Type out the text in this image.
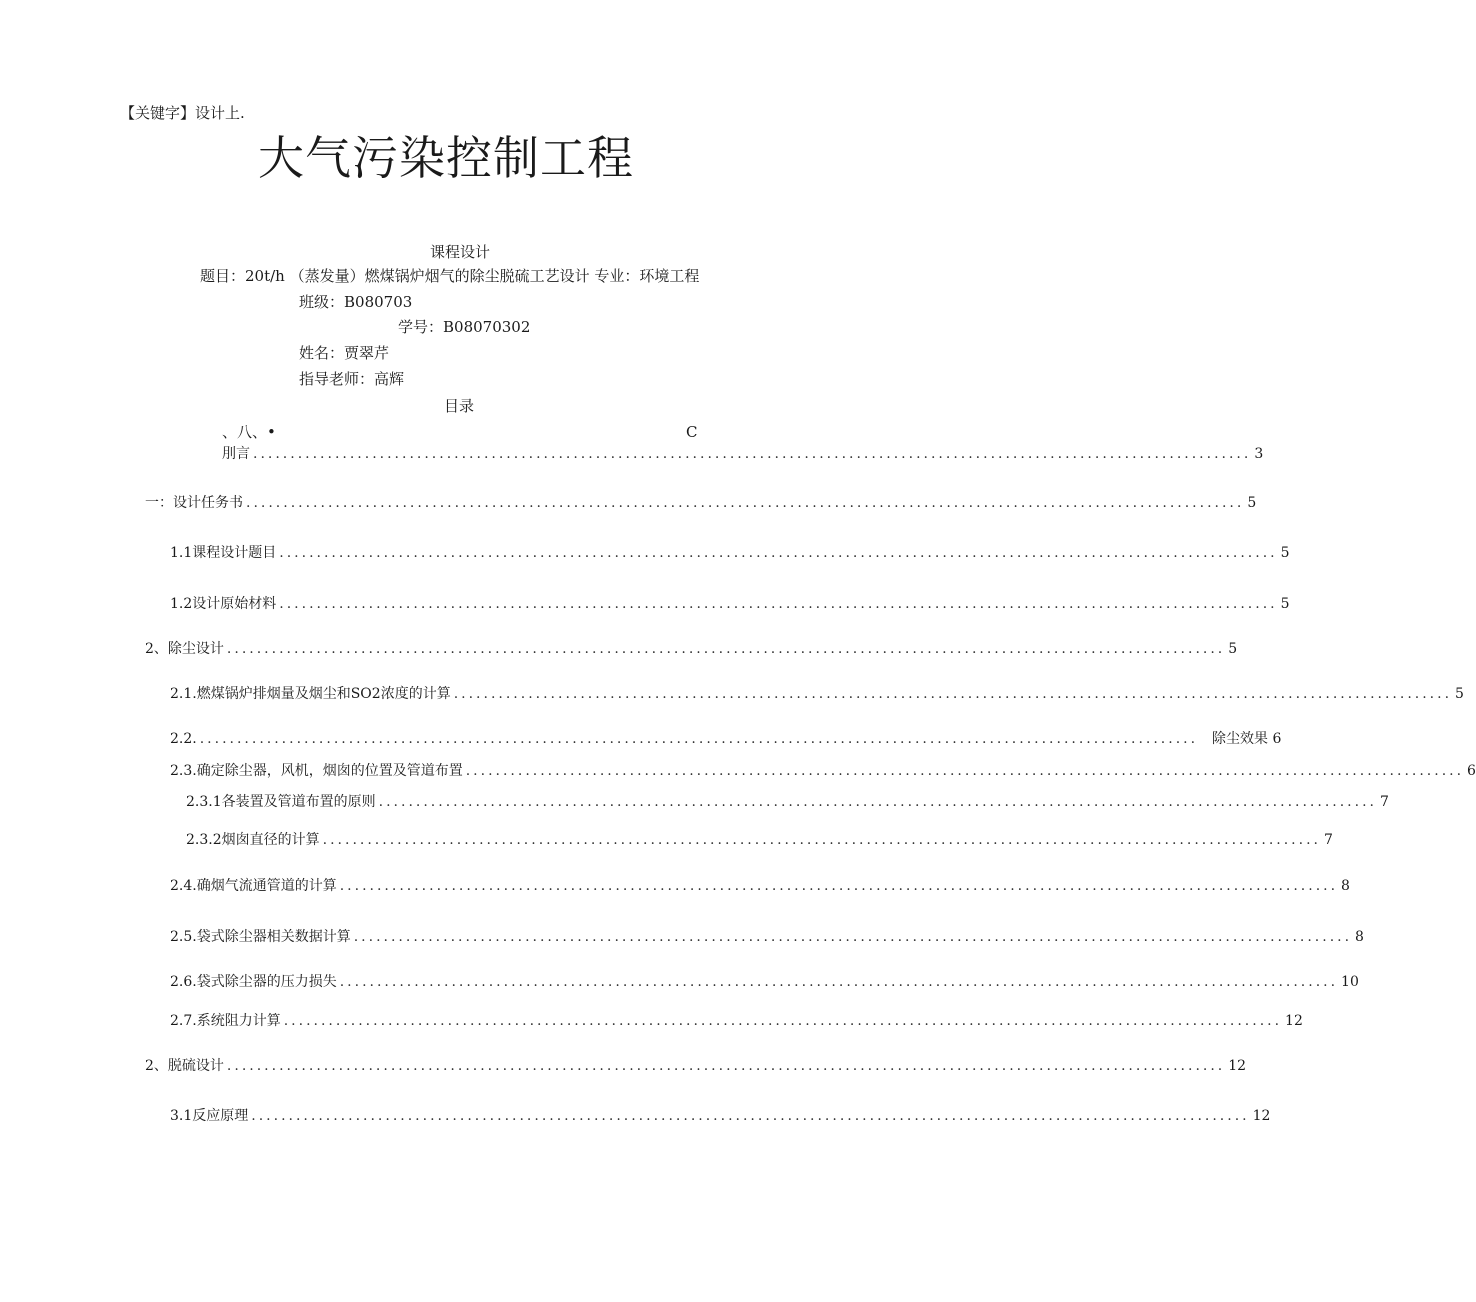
【关键字】设计上.
大气污染控制工程
课程设计
题目：20t/h （蒸发量）燃煤锅炉烟气的除尘脱硫工艺设计 专业：环境工程
班级：B080703
学号：B08070302
姓名：贾翠芹
指导老师：高辉
目录
、八、•	C
刖言 ...................................................................................................................................... 3
一：设计任务书 ...................................................................................................................................... 5
1.1课程设计题目 ...................................................................................................................................... 5
1.2设计原始材料 ...................................................................................................................................... 5
2、除尘设计 ...................................................................................................................................... 5
2.1. 燃煤锅炉排烟量及烟尘和SO2浓度的计算 ...................................................................................................................................... 5
2.2. ...................................................................................................................................... 除尘效果 6
2.3. 确定除尘器，风机，烟囱的位置及管道布置 ...................................................................................................................................... 6
2.3. 1各装置及管道布置的原则 ...................................................................................................................................... 7
2.3. 2烟囱直径的计算 ...................................................................................................................................... 7
2.4. 确烟气流通管道的计算 ...................................................................................................................................... 8
2.5. 袋式除尘器相关数据计算 ...................................................................................................................................... 8
2.6. 袋式除尘器的压力损失 ...................................................................................................................................... 10
2.7. 系统阻力计算 ...................................................................................................................................... 12
2、脱硫设计 ...................................................................................................................................... 12
3.1反应原理 ...................................................................................................................................... 12
